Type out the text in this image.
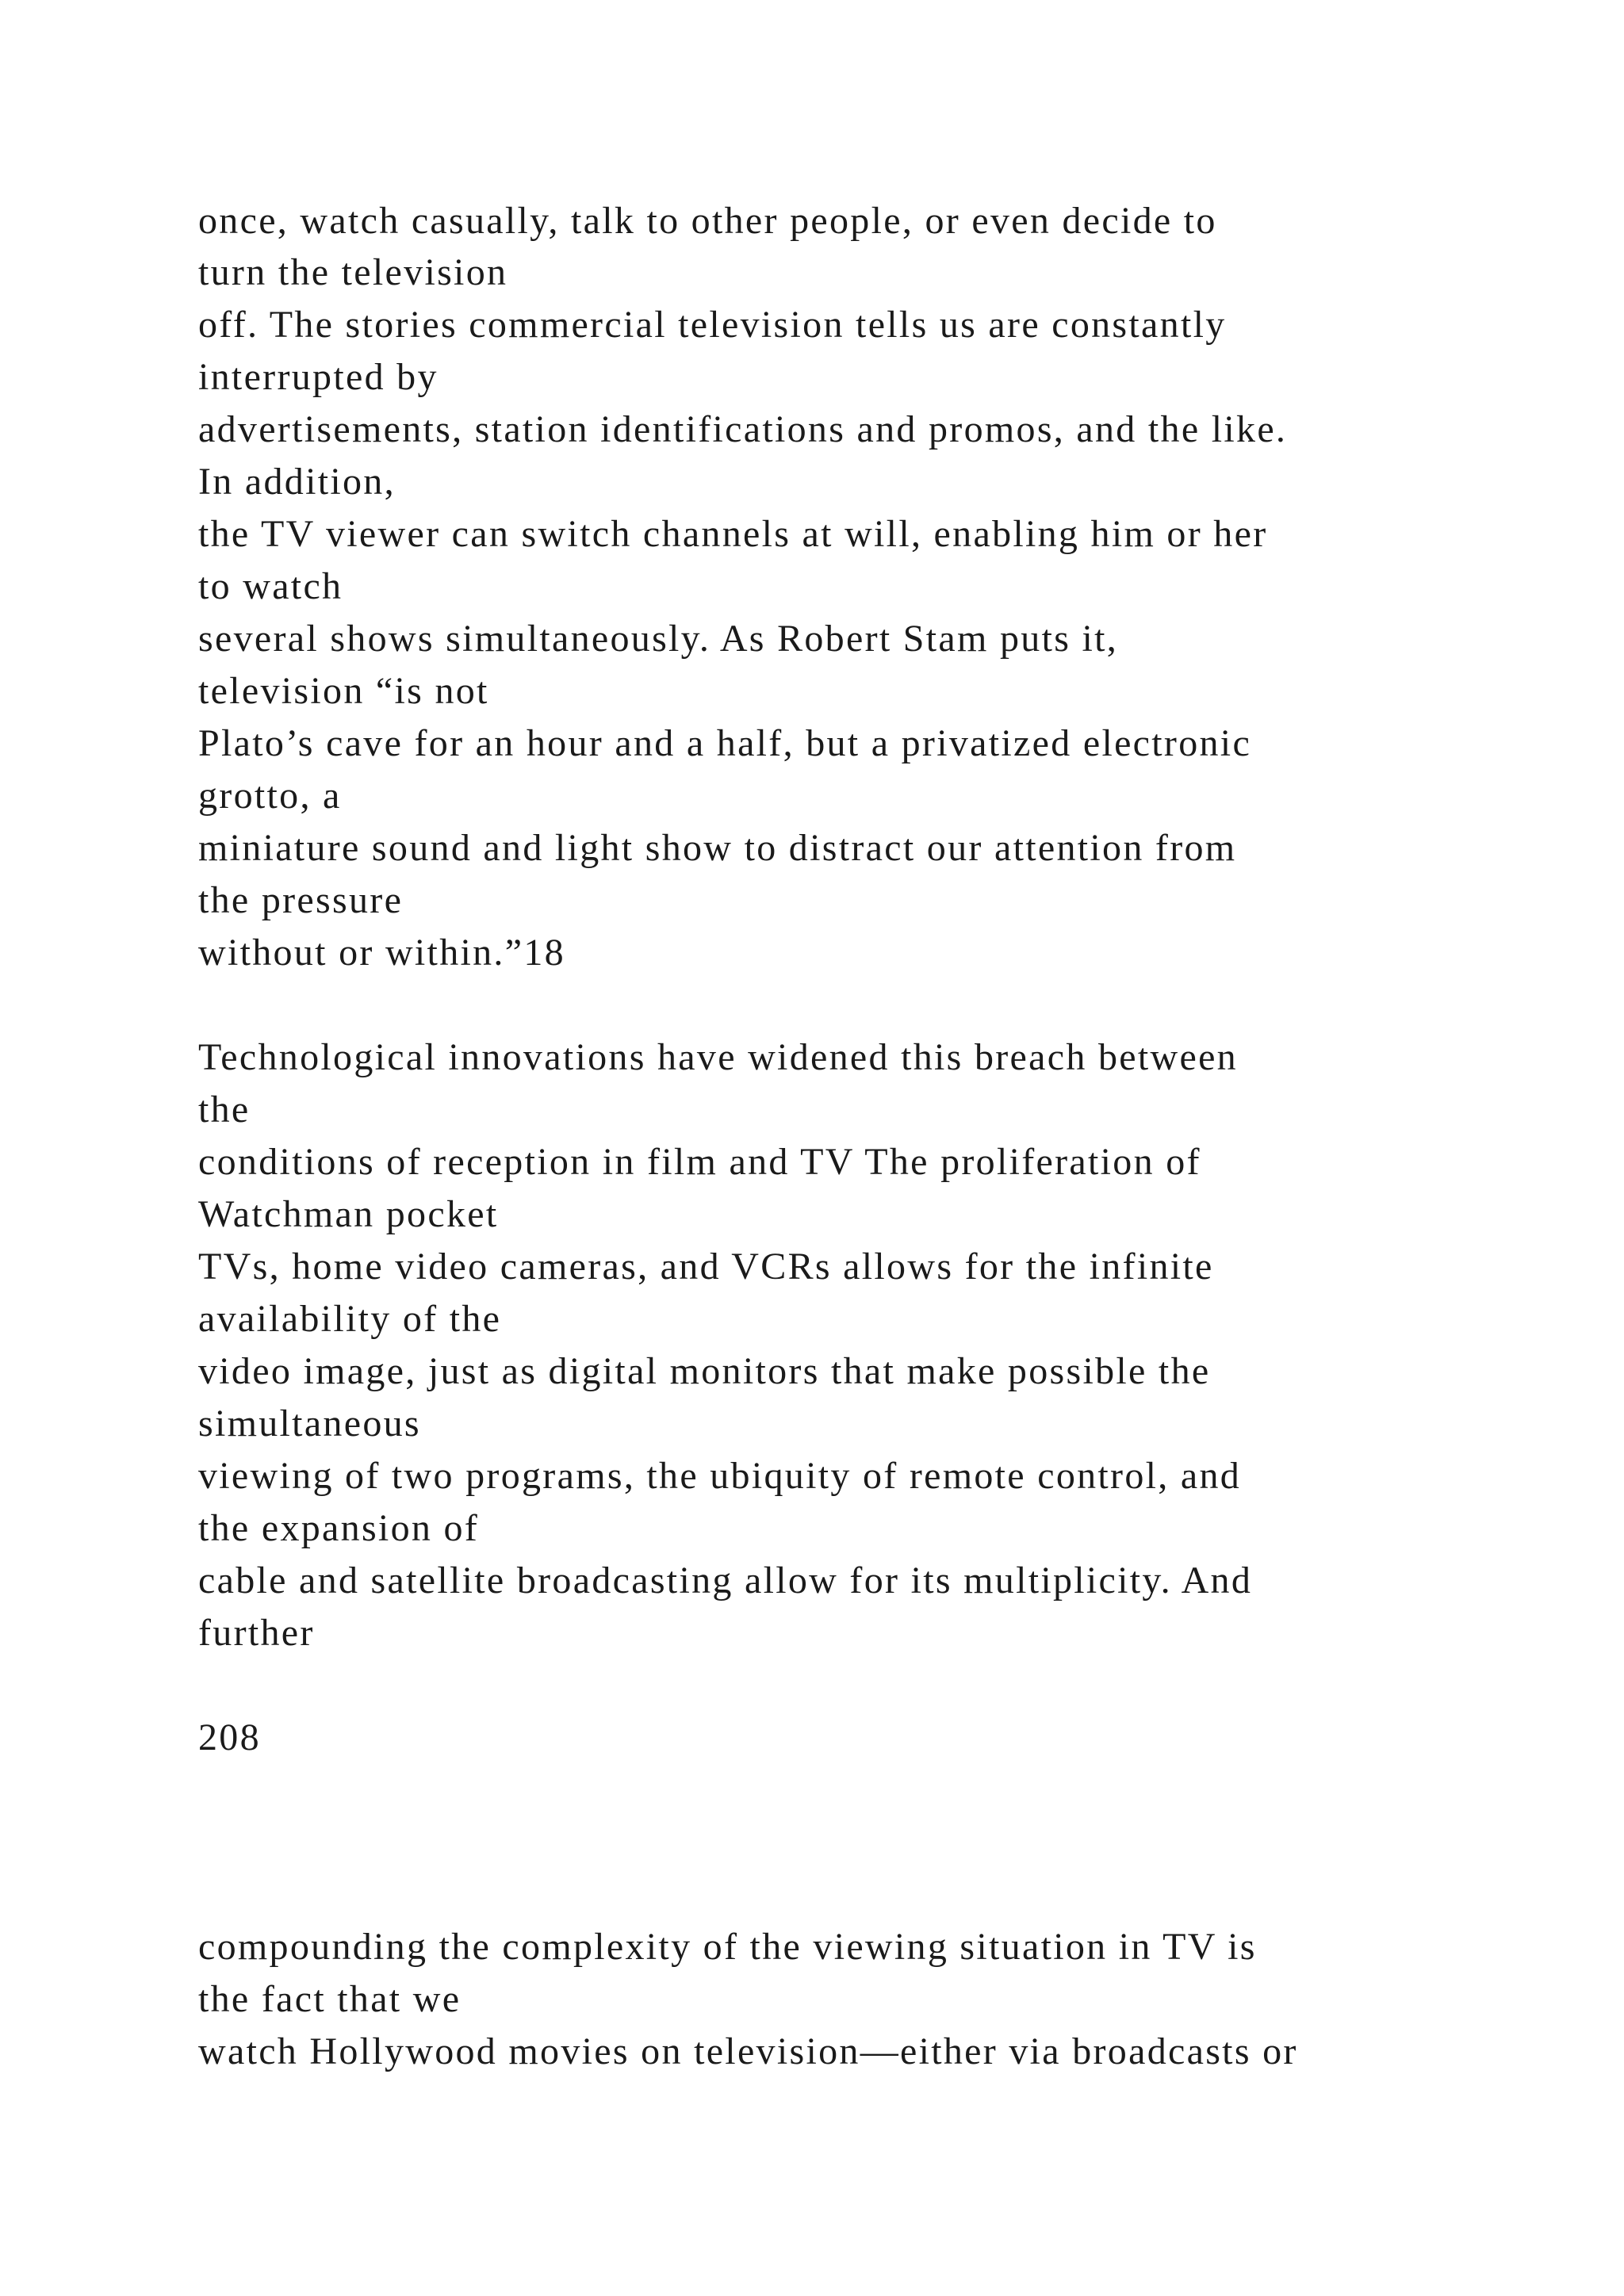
once, watch casually, talk to other people, or even decide to

turn the television

off. The stories commercial television tells us are constantly

interrupted by

advertisements, station identifications and promos, and the like.

In addition,

the TV viewer can switch channels at will, enabling him or her

to watch

several shows simultaneously. As Robert Stam puts it,

television “is not

Plato’s cave for an hour and a half, but a privatized electronic

grotto, a

miniature sound and light show to distract our attention from

the pressure

without or within.”18

Technological innovations have widened this breach between

the

conditions of reception in film and TV The proliferation of

Watchman pocket

TVs, home video cameras, and VCRs allows for the infinite

availability of the

video image, just as digital monitors that make possible the

simultaneous

viewing of two programs, the ubiquity of remote control, and

the expansion of

cable and satellite broadcasting allow for its multiplicity. And

further

208

compounding the complexity of the viewing situation in TV is

the fact that we

watch Hollywood movies on television—either via broadcasts or
